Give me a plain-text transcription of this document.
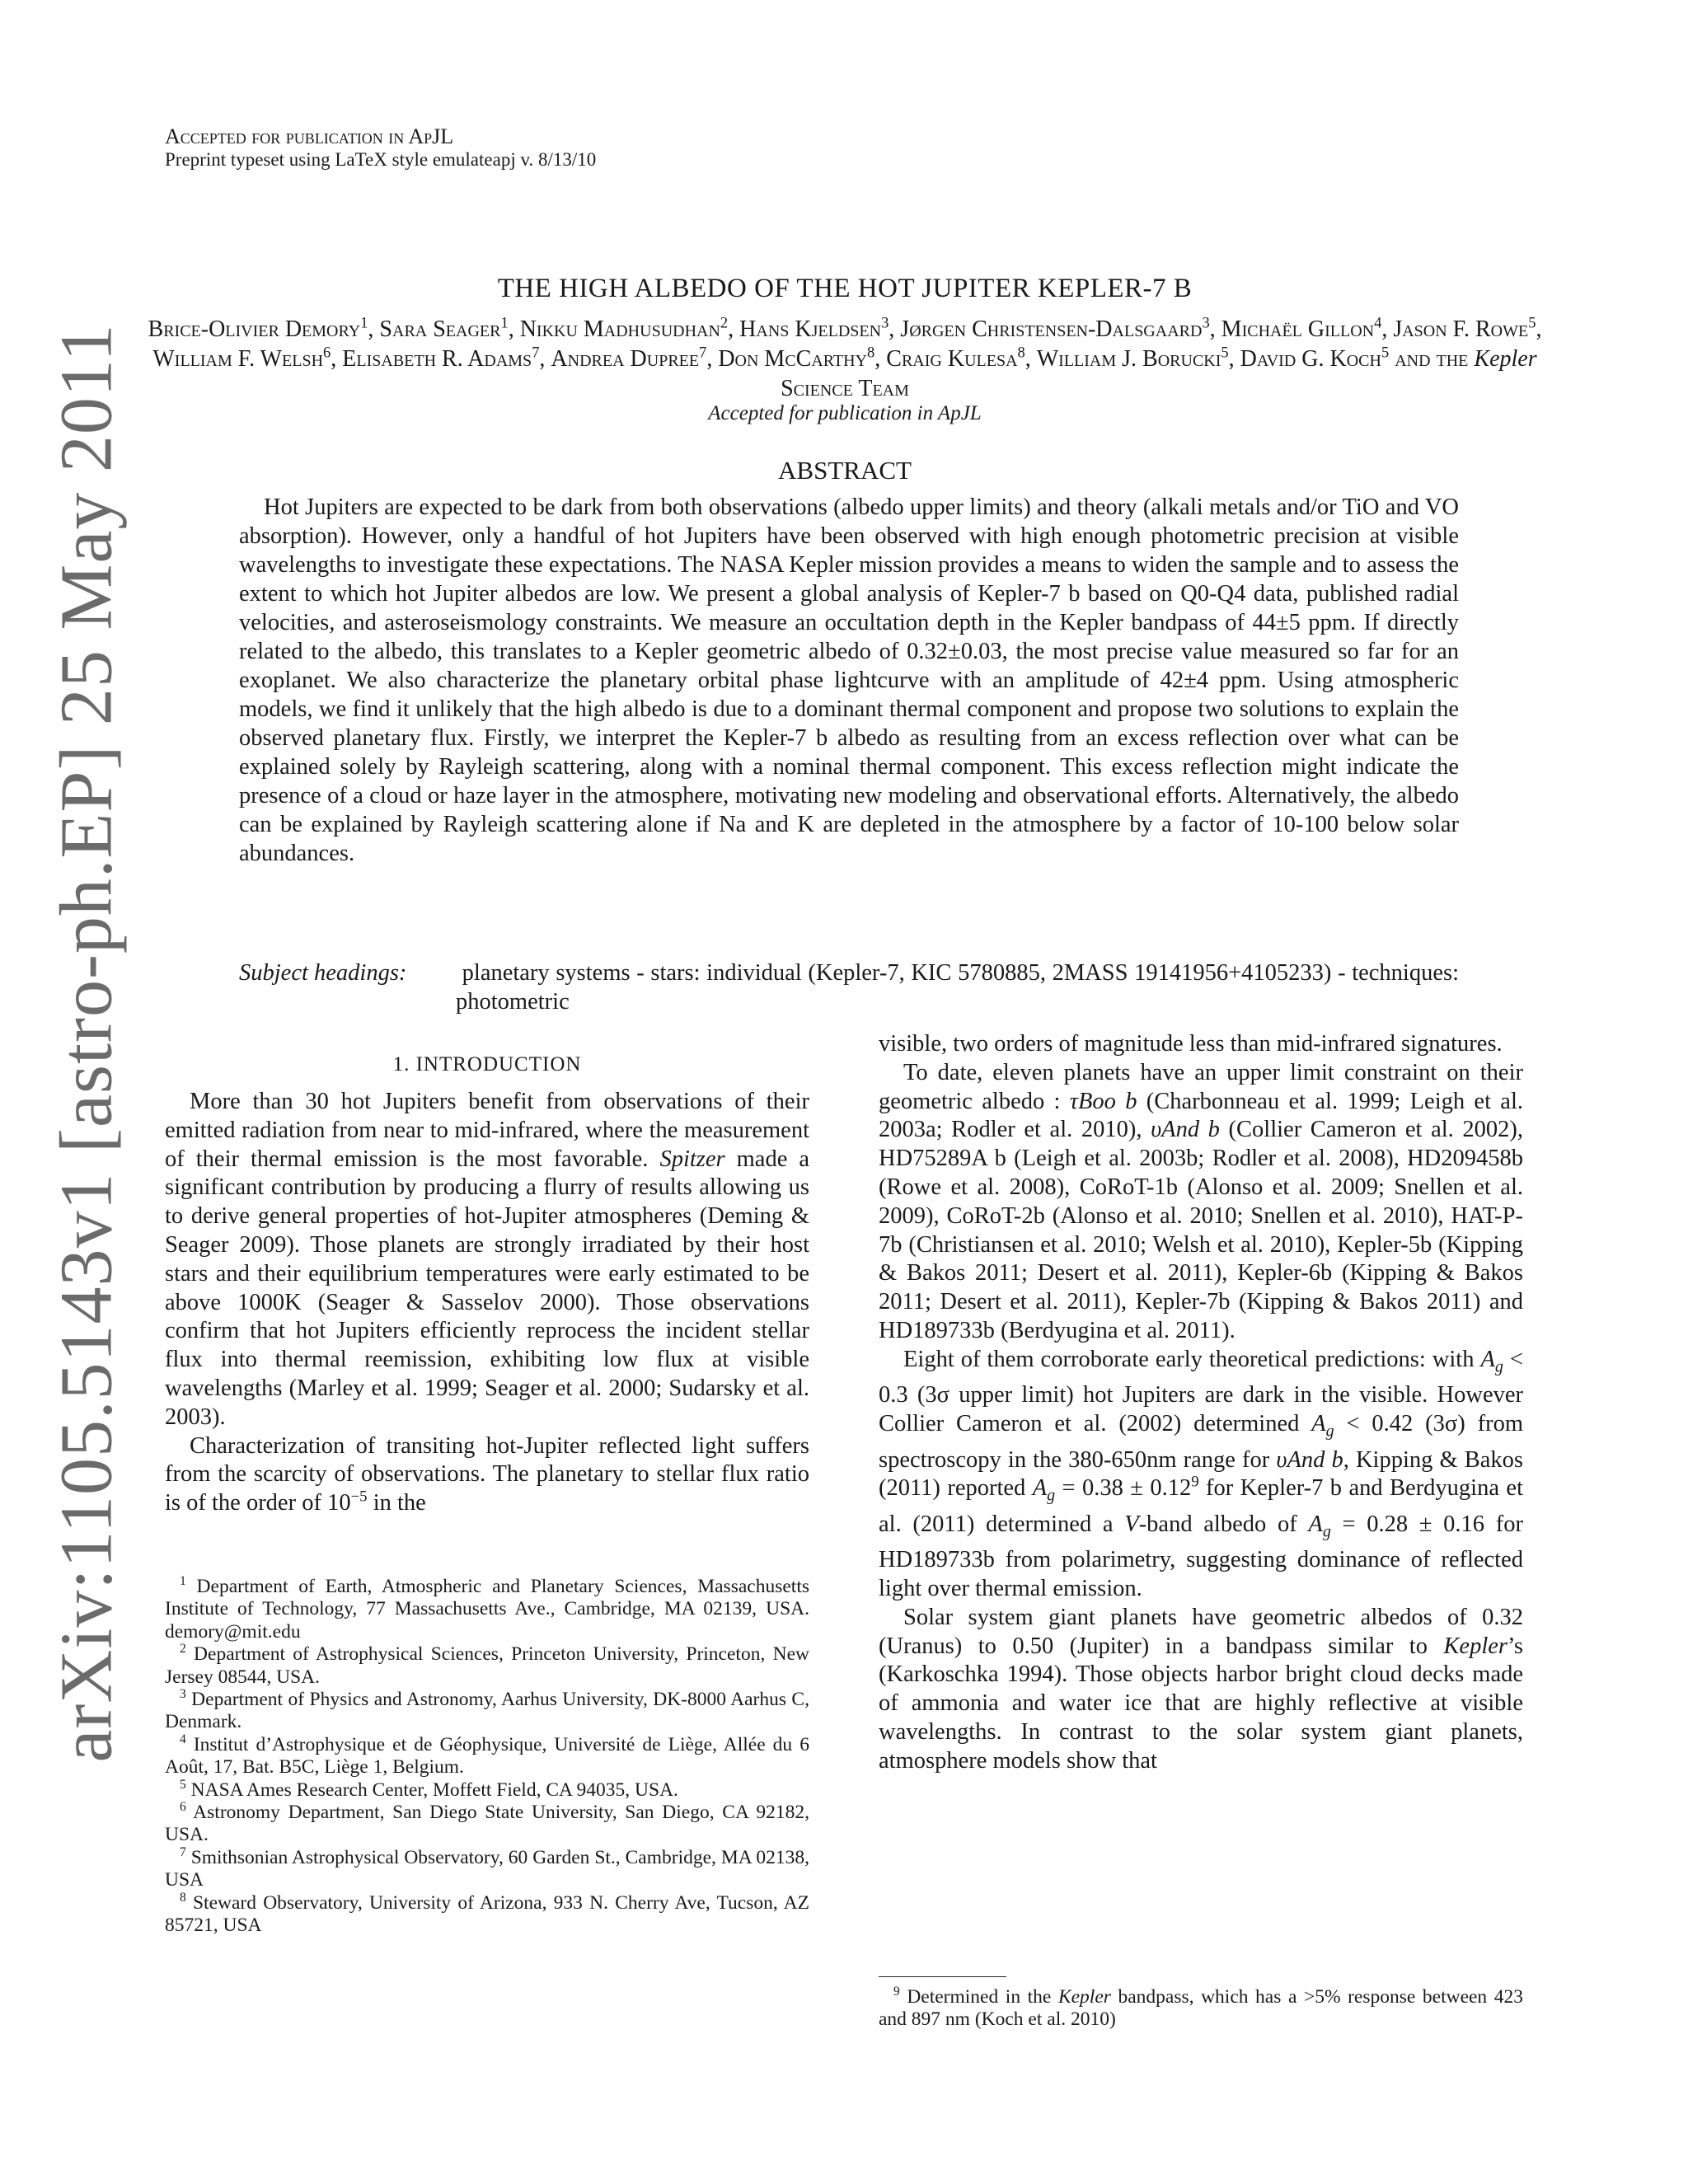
arXiv:1105.5143v1 [astro-ph.EP] 25 May 2011
Accepted for publication in ApJL
Preprint typeset using LaTeX style emulateapj v. 8/13/10
THE HIGH ALBEDO OF THE HOT JUPITER KEPLER-7 B
Brice-Olivier Demory$^1$, Sara Seager$^1$, Nikku Madhusudhan$^2$, Hans Kjeldsen$^3$, Jørgen Christensen-Dalsgaard$^3$, Michaël Gillon$^4$, Jason F. Rowe$^5$, William F. Welsh$^6$, Elisabeth R. Adams$^7$, Andrea Dupree$^7$, Don McCarthy$^8$, Craig Kulesa$^8$, William J. Borucki$^5$, David G. Koch$^5$ and the Kepler Science Team
Accepted for publication in ApJL
ABSTRACT

Hot Jupiters are expected to be dark from both observations (albedo upper limits) and theory (alkali metals and/or TiO and VO absorption). However, only a handful of hot Jupiters have been observed with high enough photometric precision at visible wavelengths to investigate these expectations. The NASA Kepler mission provides a means to widen the sample and to assess the extent to which hot Jupiter albedos are low. We present a global analysis of Kepler-7 b based on Q0-Q4 data, published radial velocities, and asteroseismology constraints. We measure an occultation depth in the Kepler bandpass of 44±5 ppm. If directly related to the albedo, this translates to a Kepler geometric albedo of 0.32±0.03, the most precise value measured so far for an exoplanet. We also characterize the planetary orbital phase lightcurve with an amplitude of 42±4 ppm. Using atmospheric models, we find it unlikely that the high albedo is due to a dominant thermal component and propose two solutions to explain the observed planetary flux. Firstly, we interpret the Kepler-7 b albedo as resulting from an excess reflection over what can be explained solely by Rayleigh scattering, along with a nominal thermal component. This excess reflection might indicate the presence of a cloud or haze layer in the atmosphere, motivating new modeling and observational efforts. Alternatively, the albedo can be explained by Rayleigh scattering alone if Na and K are depleted in the atmosphere by a factor of 10-100 below solar abundances.

Subject headings: planetary systems - stars: individual (Kepler-7, KIC 5780885, 2MASS 19141956+4105233) - techniques: photometric

1. INTRODUCTION

More than 30 hot Jupiters benefit from observations of their emitted radiation from near to mid-infrared, where the measurement of their thermal emission is the most favorable. Spitzer made a significant contribution by producing a flurry of results allowing us to derive general properties of hot-Jupiter atmospheres (Deming & Seager 2009). Those planets are strongly irradiated by their host stars and their equilibrium temperatures were early estimated to be above 1000K (Seager & Sasselov 2000). Those observations confirm that hot Jupiters efficiently reprocess the incident stellar flux into thermal reemission, exhibiting low flux at visible wavelengths (Marley et al. 1999; Seager et al. 2000; Sudarsky et al. 2003).

Characterization of transiting hot-Jupiter reflected light suffers from the scarcity of observations. The planetary to stellar flux ratio is of the order of $10^{-5}$ in the

$^1$ Department of Earth, Atmospheric and Planetary Sciences, Massachusetts Institute of Technology, 77 Massachusetts Ave., Cambridge, MA 02139, USA. demory@mit.edu

$^2$ Department of Astrophysical Sciences, Princeton University, Princeton, New Jersey 08544, USA.

$^3$ Department of Physics and Astronomy, Aarhus University, DK-8000 Aarhus C, Denmark.

$^4$ Institut d’Astrophysique et de Géophysique, Université de Liège, Allée du 6 Août, 17, Bat. B5C, Liège 1, Belgium.

$^5$ NASA Ames Research Center, Moffett Field, CA 94035, USA.

$^6$ Astronomy Department, San Diego State University, San Diego, CA 92182, USA.

$^7$ Smithsonian Astrophysical Observatory, 60 Garden St., Cambridge, MA 02138, USA

$^8$ Steward Observatory, University of Arizona, 933 N. Cherry Ave, Tucson, AZ 85721, USA

visible, two orders of magnitude less than mid-infrared signatures.

To date, eleven planets have an upper limit constraint on their geometric albedo : τBoo b (Charbonneau et al. 1999; Leigh et al. 2003a; Rodler et al. 2010), υAnd b (Collier Cameron et al. 2002), HD75289A b (Leigh et al. 2003b; Rodler et al. 2008), HD209458b (Rowe et al. 2008), CoRoT-1b (Alonso et al. 2009; Snellen et al. 2009), CoRoT-2b (Alonso et al. 2010; Snellen et al. 2010), HAT-P-7b (Christiansen et al. 2010; Welsh et al. 2010), Kepler-5b (Kipping & Bakos 2011; Desert et al. 2011), Kepler-6b (Kipping & Bakos 2011; Desert et al. 2011), Kepler-7b (Kipping & Bakos 2011) and HD189733b (Berdyugina et al. 2011).

Eight of them corroborate early theoretical predictions: with $A_g < 0.3$ (3σ upper limit) hot Jupiters are dark in the visible. However Collier Cameron et al. (2002) determined $A_g < 0.42$ (3σ) from spectroscopy in the 380-650nm range for υAnd b, Kipping & Bakos (2011) reported $A_g = 0.38 \pm 0.12^9$ for Kepler-7 b and Berdyugina et al. (2011) determined a V-band albedo of $A_g = 0.28 \pm 0.16$ for HD189733b from polarimetry, suggesting dominance of reflected light over thermal emission.

Solar system giant planets have geometric albedos of 0.32 (Uranus) to 0.50 (Jupiter) in a bandpass similar to Kepler’s (Karkoschka 1994). Those objects harbor bright cloud decks made of ammonia and water ice that are highly reflective at visible wavelengths. In contrast to the solar system giant planets, atmosphere models show that

$^9$ Determined in the Kepler bandpass, which has a >5% response between 423 and 897 nm (Koch et al. 2010)
